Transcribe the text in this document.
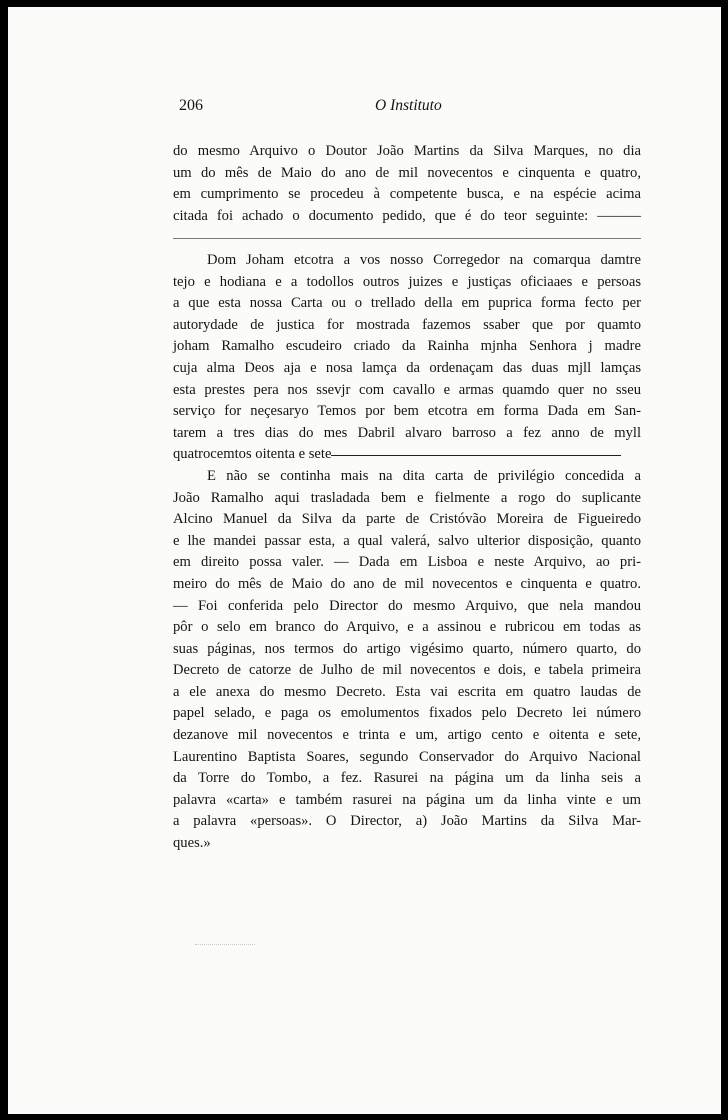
206	O Instituto
do mesmo Arquivo o Doutor João Martins da Silva Marques, no dia
um do mês de Maio do ano de mil novecentos e cinquenta e quatro,
em cumprimento se procedeu à competente busca, e na espécie acima
citada foi achado o documento pedido, que é do teor seguinte: ———
Dom Joham etcotra a vos nosso Corregedor na comarqua damtre
tejo e hodiana e a todollos outros juizes e justiças oficiaaes e persoas
a que esta nossa Carta ou o trellado della em puprica forma fecto per
autorydade de justica for mostrada fazemos ssaber que por quamto
joham Ramalho escudeiro criado da Rainha mjnha Senhora j madre
cuja alma Deos aja e nosa lamça da ordenaçam das duas mjll lamças
esta prestes pera nos ssevjr com cavallo e armas quamdo quer no sseu
serviço for neçesaryo Temos por bem etcotra em forma Dada em San-
tarem a tres dias do mes Dabril alvaro barroso a fez anno de myll
quatrocemtos oitenta e sete
E não se continha mais na dita carta de privilégio concedida a
João Ramalho aqui trasladada bem e fielmente a rogo do suplicante
Alcino Manuel da Silva da parte de Cristóvão Moreira de Figueiredo
e lhe mandei passar esta, a qual valerá, salvo ulterior disposição, quanto
em direito possa valer. — Dada em Lisboa e neste Arquivo, ao pri-
meiro do mês de Maio do ano de mil novecentos e cinquenta e quatro.
— Foi conferida pelo Director do mesmo Arquivo, que nela mandou
pôr o selo em branco do Arquivo, e a assinou e rubricou em todas as
suas páginas, nos termos do artigo vigésimo quarto, número quarto, do
Decreto de catorze de Julho de mil novecentos e dois, e tabela primeira
a ele anexa do mesmo Decreto. Esta vai escrita em quatro laudas de
papel selado, e paga os emolumentos fixados pelo Decreto lei número
dezanove mil novecentos e trinta e um, artigo cento e oitenta e sete,
Laurentino Baptista Soares, segundo Conservador do Arquivo Nacional
da Torre do Tombo, a fez. Rasurei na página um da linha seis a
palavra «carta» e também rasurei na página um da linha vinte e um
a palavra «persoas». O Director, a) João Martins da Silva Mar-
ques.»
